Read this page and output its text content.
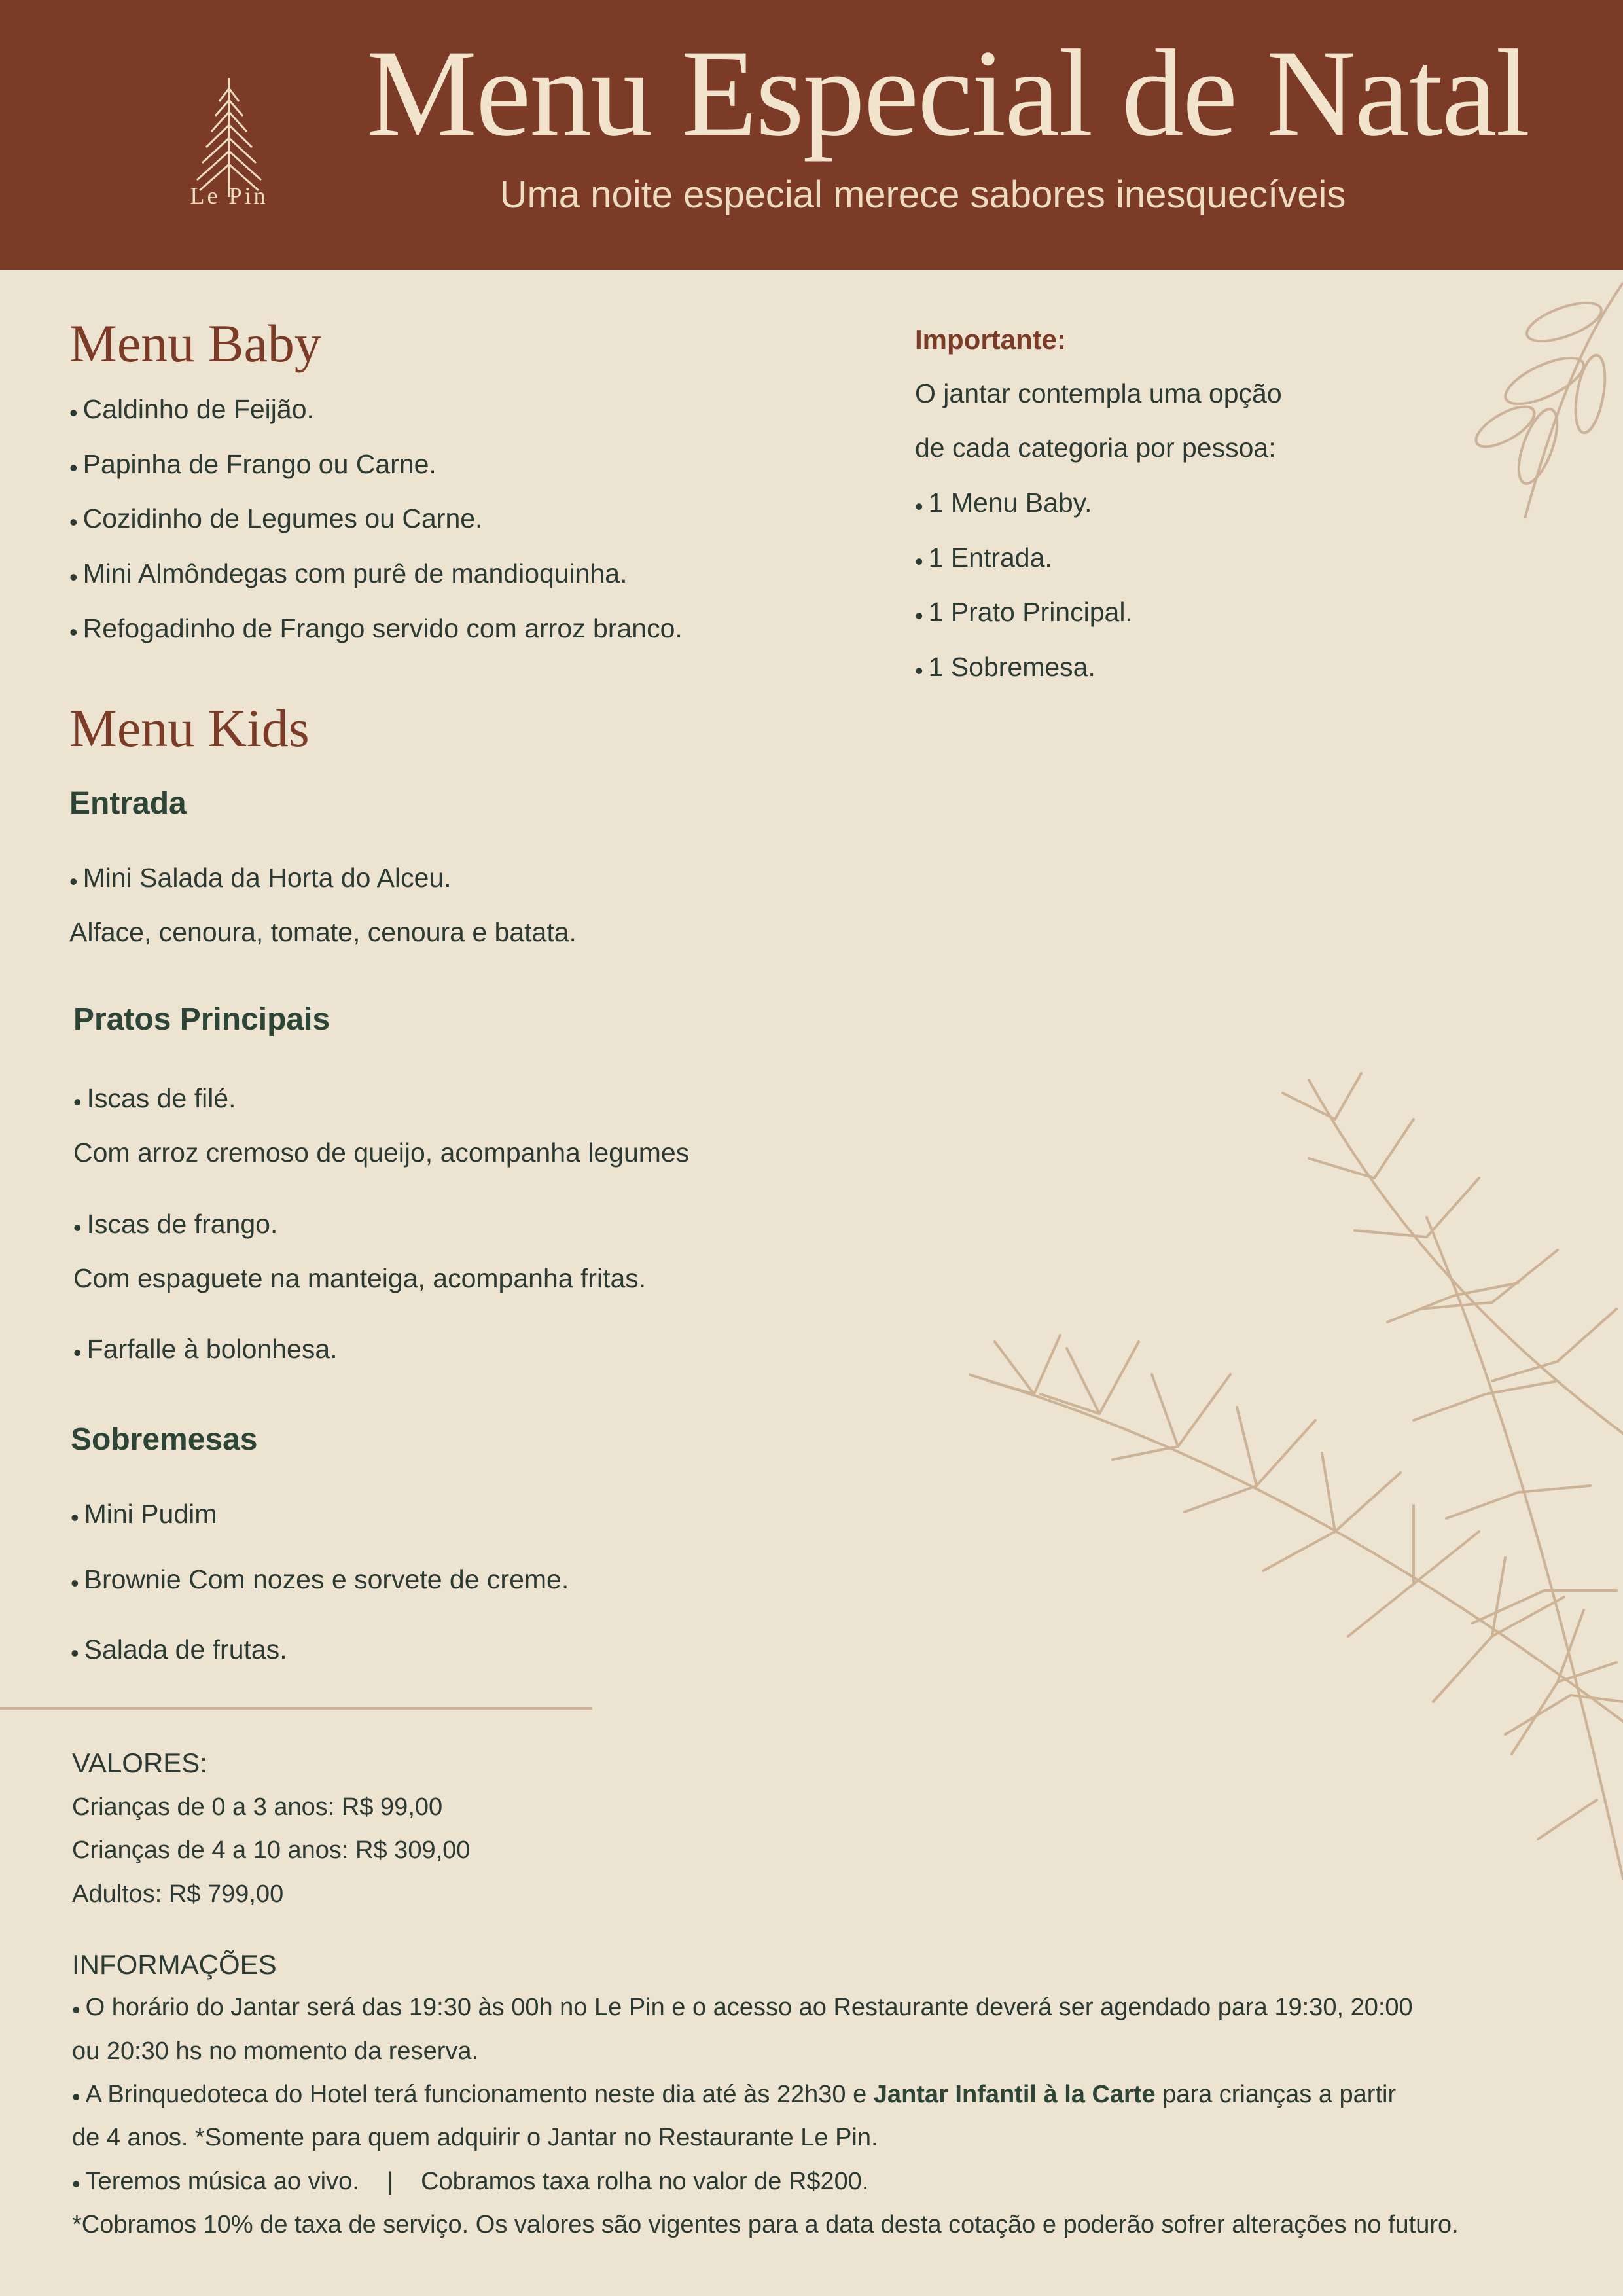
Le Pin
Menu Especial de Natal
Uma noite especial merece sabores inesquecíveis
Menu Baby
• Caldinho de Feijão.
• Papinha de Frango ou Carne.
• Cozidinho de Legumes ou Carne.
• Mini Almôndegas com purê de mandioquinha.
• Refogadinho de Frango servido com arroz branco.
Importante:
O jantar contempla uma opção
de cada categoria por pessoa:
• 1 Menu Baby.
• 1 Entrada.
• 1 Prato Principal.
• 1 Sobremesa.
Menu Kids
Entrada
• Mini Salada da Horta do Alceu.
Alface, cenoura, tomate, cenoura e batata.
Pratos Principais
• Iscas de filé.
Com arroz cremoso de queijo, acompanha legumes
• Iscas de frango.
Com espaguete na manteiga, acompanha fritas.
• Farfalle à bolonhesa.
Sobremesas
• Mini Pudim
• Brownie Com nozes e sorvete de creme.
• Salada de frutas.
VALORES:
Crianças de 0 a 3 anos: R$ 99,00
Crianças de 4 a 10 anos: R$ 309,00
Adultos: R$ 799,00
INFORMAÇÕES
• O horário do Jantar será das 19:30 às 00h no Le Pin e o acesso ao Restaurante deverá ser agendado para 19:30, 20:00
ou 20:30 hs no momento da reserva.
• A Brinquedoteca do Hotel terá funcionamento neste dia até às 22h30 e Jantar Infantil à la Carte para crianças a partir
de 4 anos. *Somente para quem adquirir o Jantar no Restaurante Le Pin.
• Teremos música ao vivo.    |    Cobramos taxa rolha no valor de R$200.
*Cobramos 10% de taxa de serviço. Os valores são vigentes para a data desta cotação e poderão sofrer alterações no futuro.
